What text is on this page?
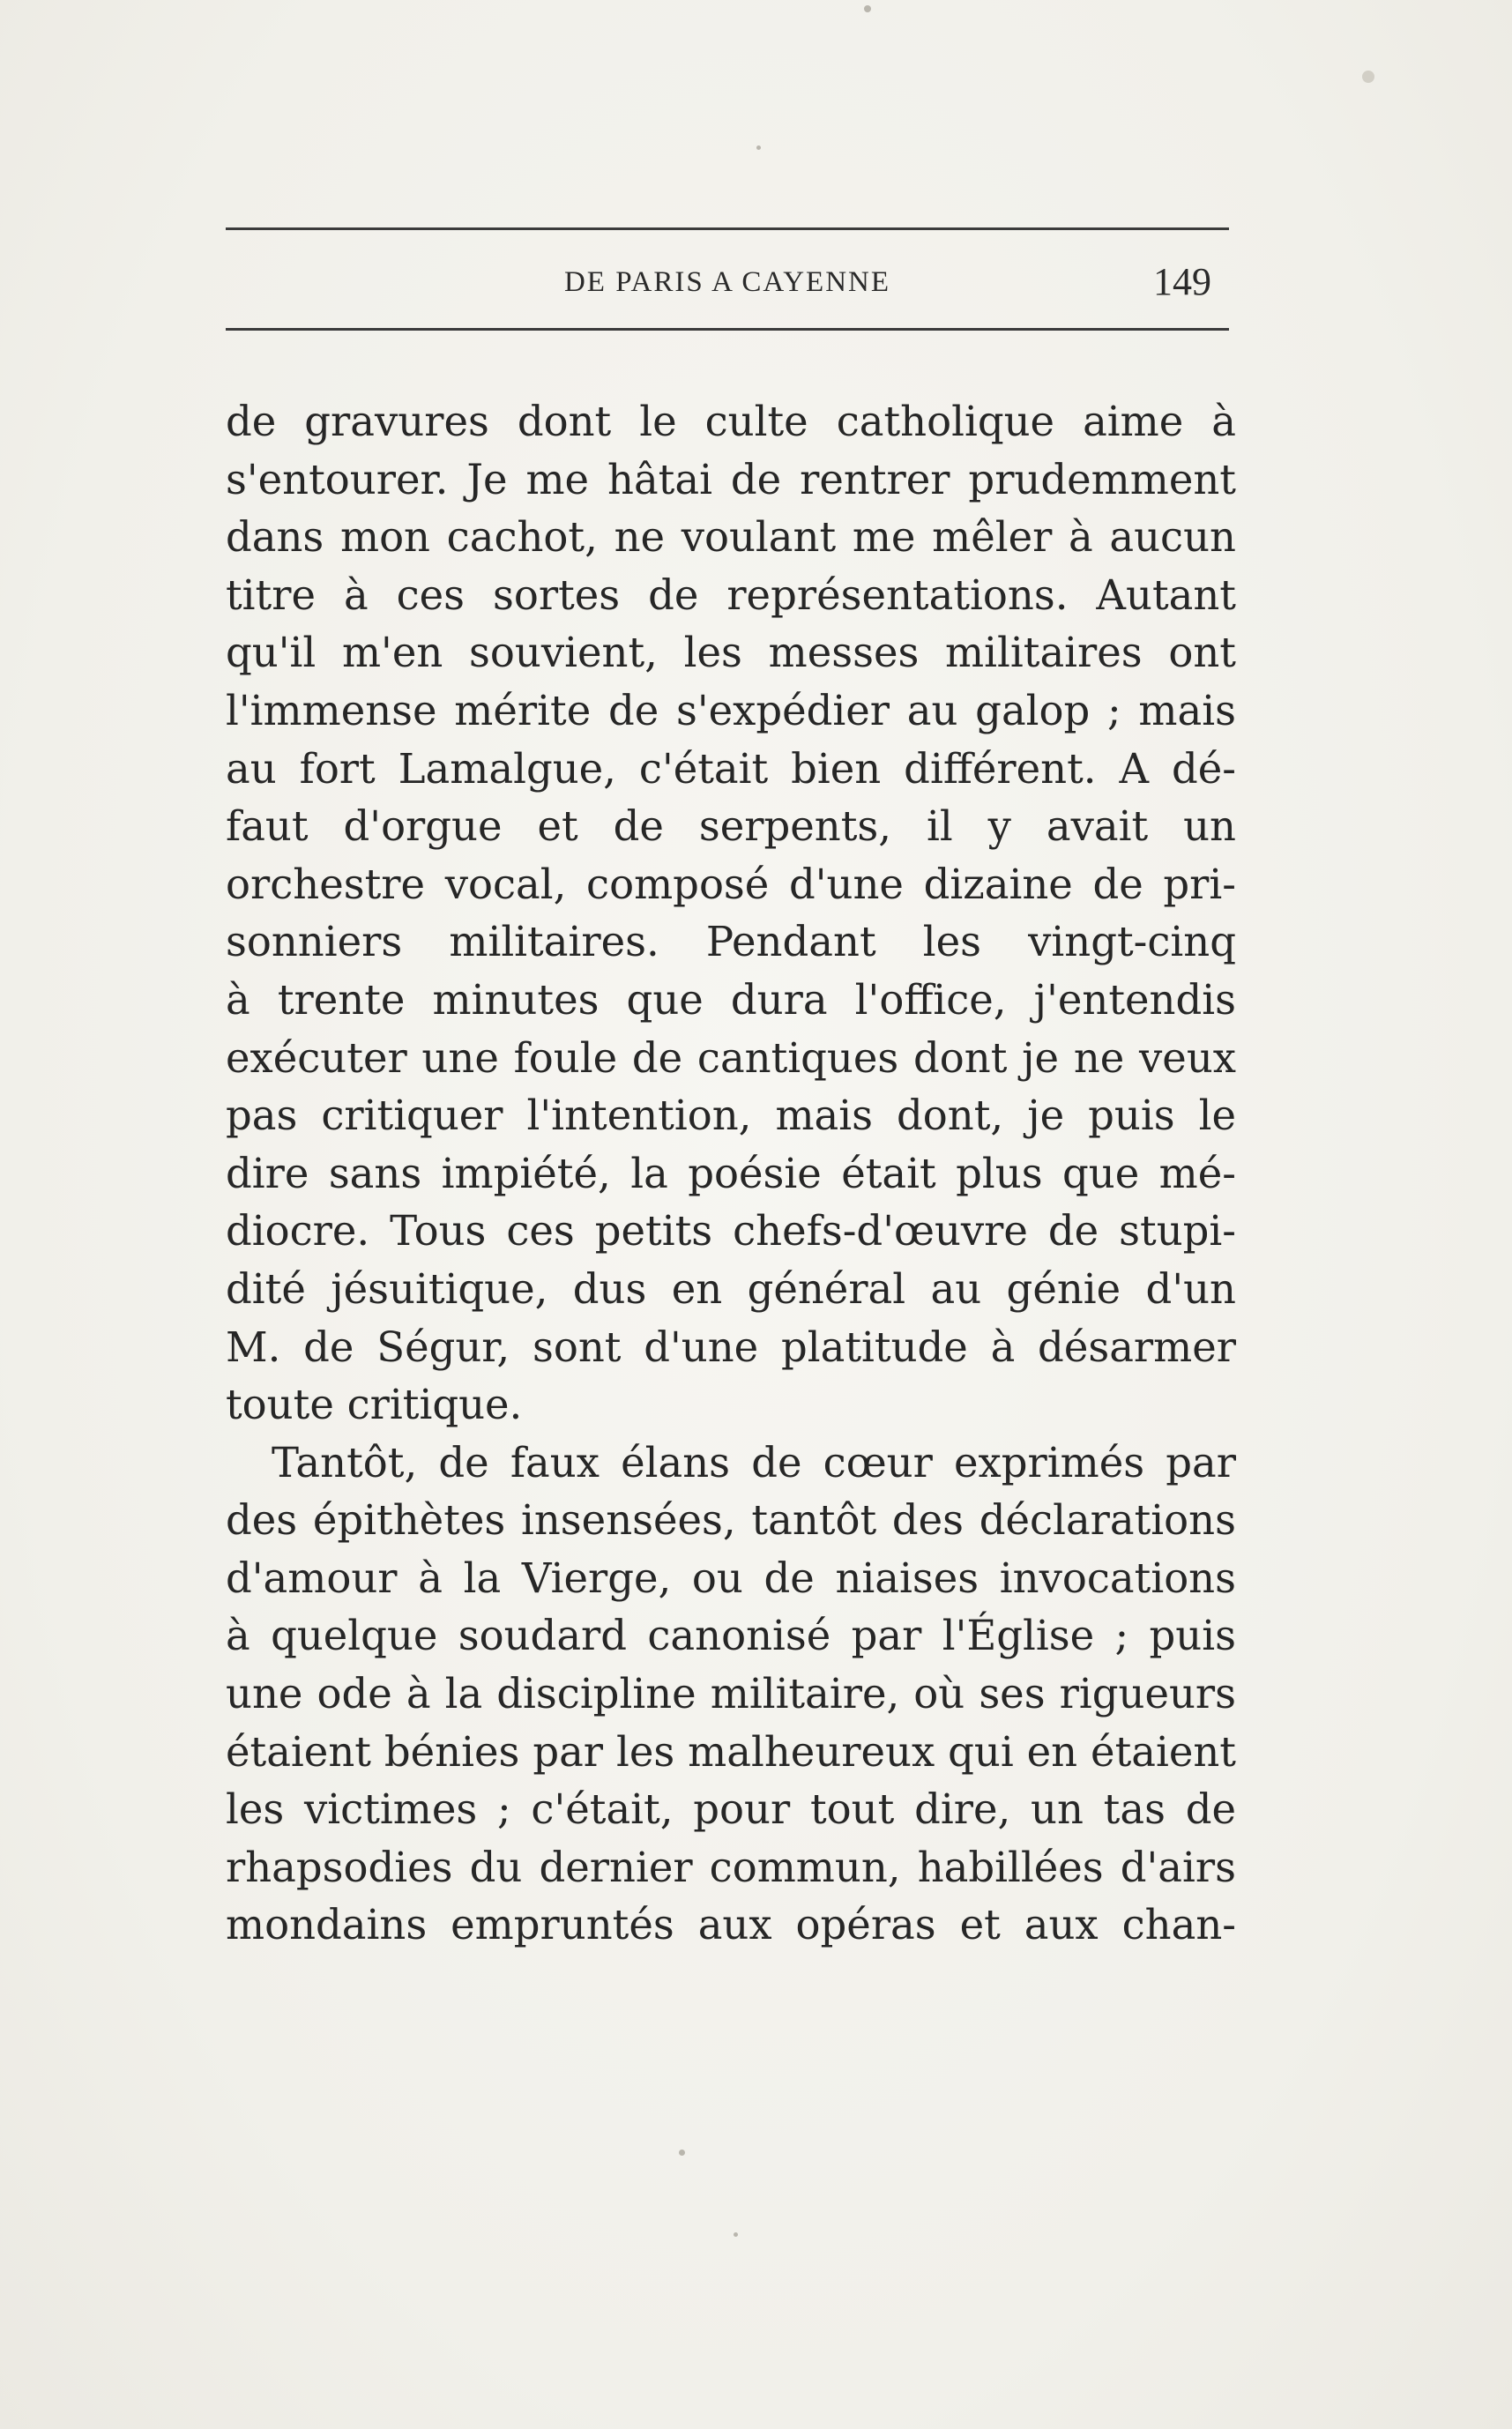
DE PARIS A CAYENNE	149
de gravures dont le culte catholique aime à
s'entourer. Je me hâtai de rentrer prudemment
dans mon cachot, ne voulant me mêler à aucun
titre à ces sortes de représentations. Autant
qu'il m'en souvient, les messes militaires ont
l'immense mérite de s'expédier au galop ; mais
au fort Lamalgue, c'était bien différent. A dé-
faut d'orgue et de serpents, il y avait un
orchestre vocal, composé d'une dizaine de pri-
sonniers militaires. Pendant les vingt-cinq
à trente minutes que dura l'office, j'entendis
exécuter une foule de cantiques dont je ne veux
pas critiquer l'intention, mais dont, je puis le
dire sans impiété, la poésie était plus que mé-
diocre. Tous ces petits chefs-d'œuvre de stupi-
dité jésuitique, dus en général au génie d'un
M. de Ségur, sont d'une platitude à désarmer
toute critique.
Tantôt, de faux élans de cœur exprimés par
des épithètes insensées, tantôt des déclarations
d'amour à la Vierge, ou de niaises invocations
à quelque soudard canonisé par l'Église ; puis
une ode à la discipline militaire, où ses rigueurs
étaient bénies par les malheureux qui en étaient
les victimes ; c'était, pour tout dire, un tas de
rhapsodies du dernier commun, habillées d'airs
mondains empruntés aux opéras et aux chan-
